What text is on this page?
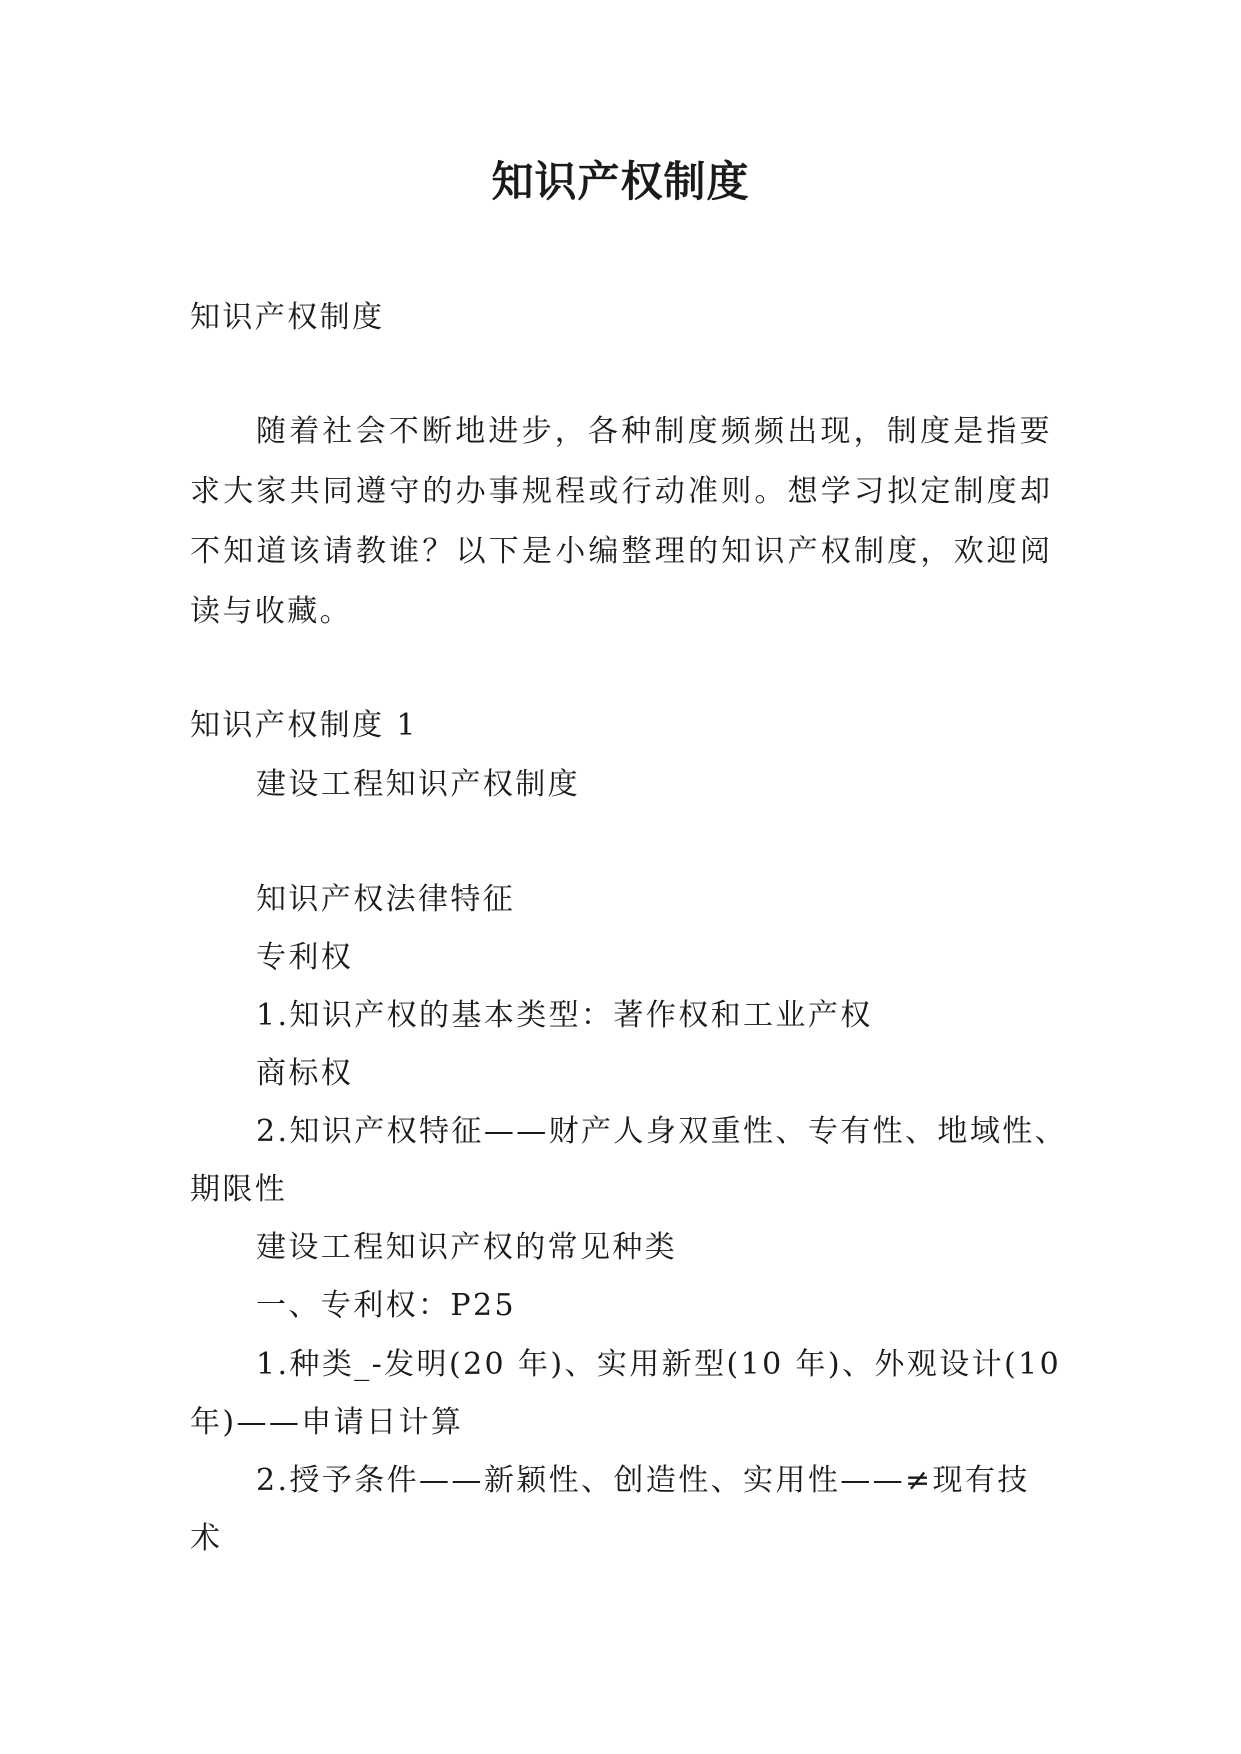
知识产权制度
知识产权制度
随着社会不断地进步，各种制度频频出现，制度是指要
求大家共同遵守的办事规程或行动准则。想学习拟定制度却
不知道该请教谁？以下是小编整理的知识产权制度，欢迎阅
读与收藏。
知识产权制度 1
建设工程知识产权制度
知识产权法律特征
专利权
1.知识产权的基本类型：著作权和工业产权
商标权
2.知识产权特征——财产人身双重性、专有性、地域性、
期限性
建设工程知识产权的常见种类
一、专利权：P25
1.种类_-发明(20 年)、实用新型(10 年)、外观设计(10
年)——申请日计算
2.授予条件——新颖性、创造性、实用性——≠现有技
术
